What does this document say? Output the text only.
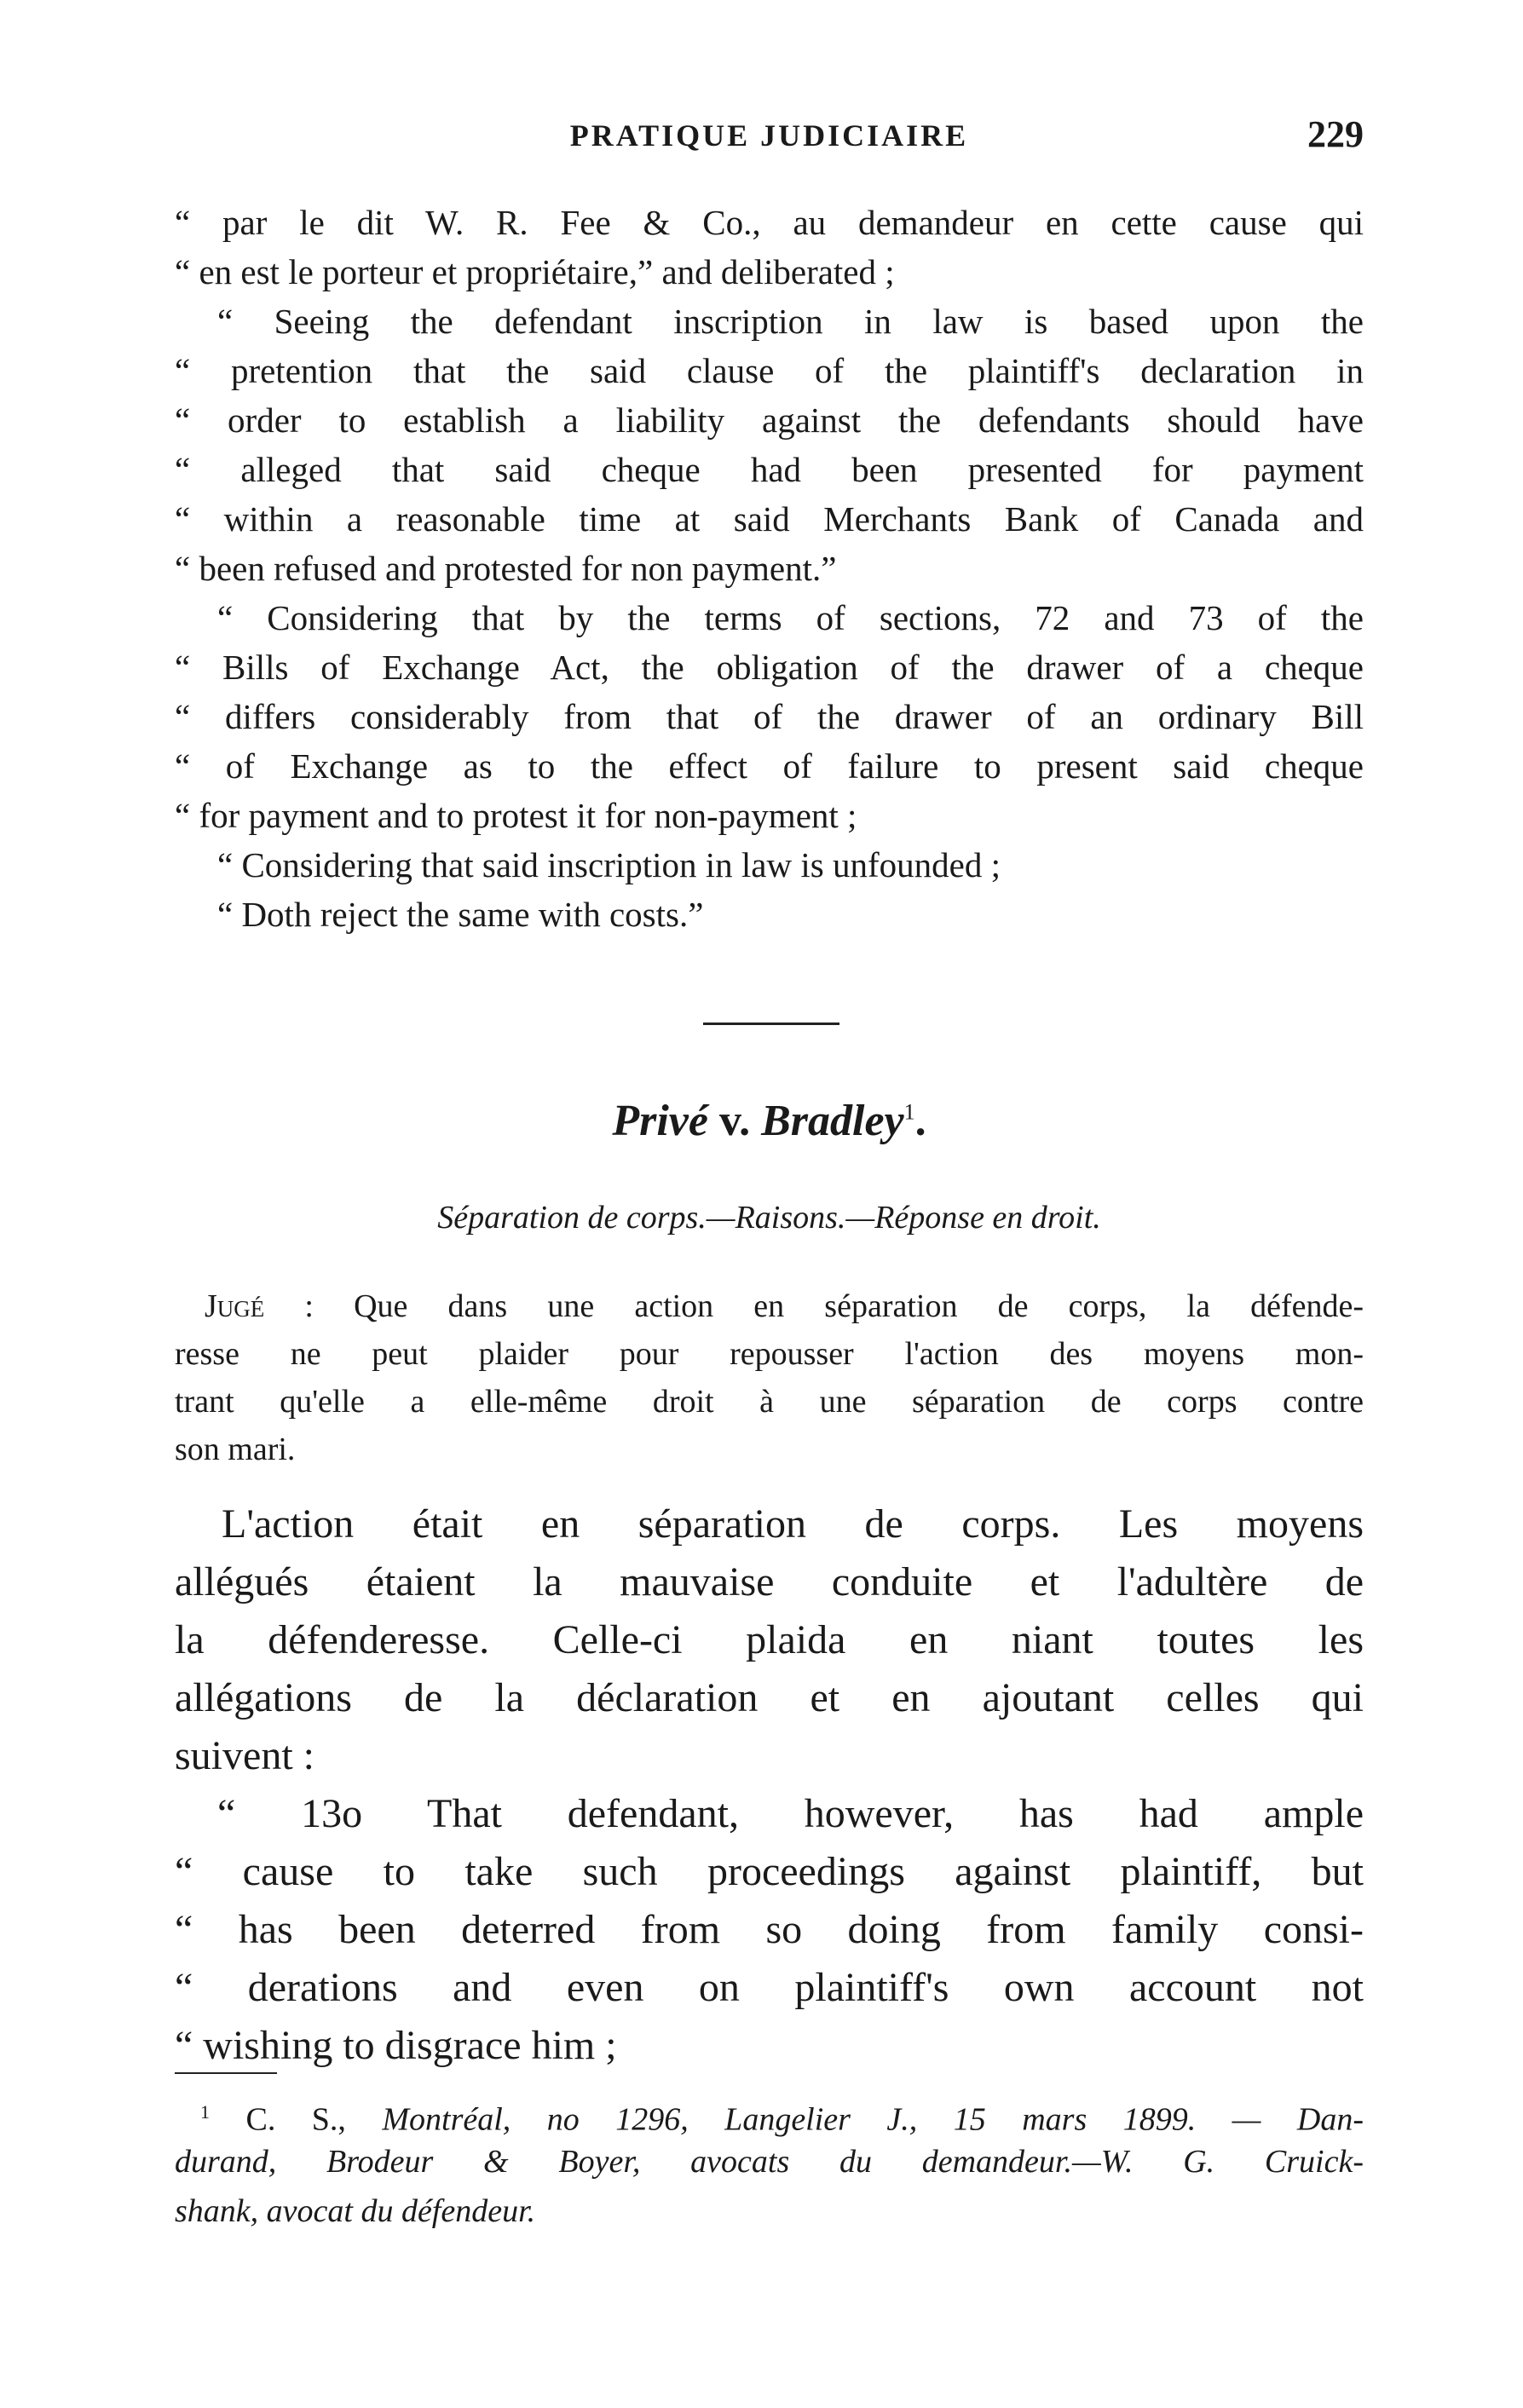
PRATIQUE JUDICIAIRE	229
“ par le dit W. R. Fee & Co., au demandeur en cette cause qui
“ en est le porteur et propriétaire,” and deliberated ;
“ Seeing the defendant inscription in law is based upon the
“ pretention that the said clause of the plaintiff's declaration in
“ order to establish a liability against the defendants should have
“ alleged that said cheque had been presented for payment
“ within a reasonable time at said Merchants Bank of Canada and
“ been refused and protested for non payment.”
“ Considering that by the terms of sections, 72 and 73 of the
“ Bills of Exchange Act, the obligation of the drawer of a cheque
“ differs considerably from that of the drawer of an ordinary Bill
“ of Exchange as to the effect of failure to present said cheque
“ for payment and to protest it for non-payment ;
“ Considering that said inscription in law is unfounded ;
“ Doth reject the same with costs.”
Privé v. Bradley$^1$.
Séparation de corps.—Raisons.—Réponse en droit.
Jugé : Que dans une action en séparation de corps, la défende-
resse ne peut plaider pour repousser l'action des moyens mon-
trant qu'elle a elle-même droit à une séparation de corps contre
son mari.
L'action était en séparation de corps. Les moyens
allégués étaient la mauvaise conduite et l'adultère de
la défenderesse. Celle-ci plaida en niant toutes les
allégations de la déclaration et en ajoutant celles qui
suivent :
“ 13o That defendant, however, has had ample
“ cause to take such proceedings against plaintiff, but
“ has been deterred from so doing from family consi-
“ derations and even on plaintiff's own account not
“ wishing to disgrace him ;
$^1$ C. S., Montréal, no 1296, Langelier J., 15 mars 1899. — Dan-
durand, Brodeur & Boyer, avocats du demandeur.—W. G. Cruick-
shank, avocat du défendeur.
